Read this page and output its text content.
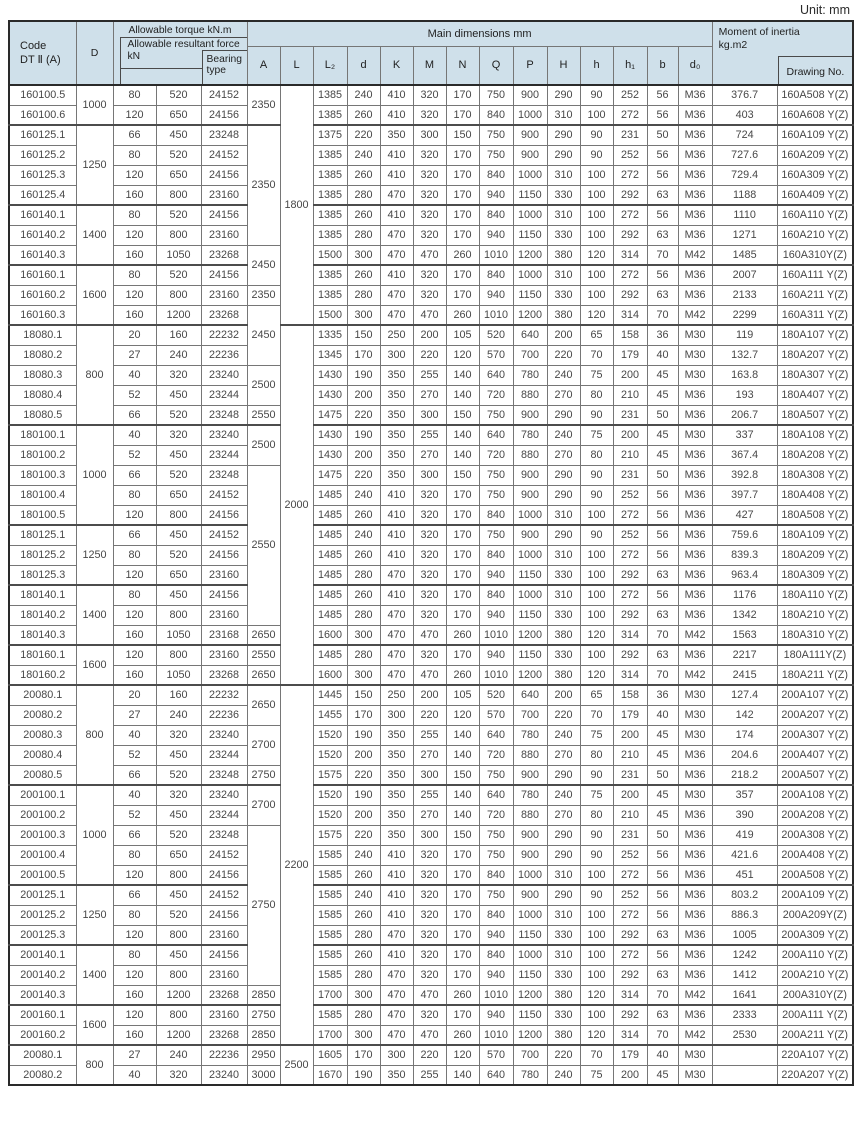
Unit: mm
Code
DT Ⅱ (A)
	D	
Allowable torque kN.m
Allowable resultant force kN	Bearing type
	Main dimensions mm	Moment of inertia kg.m2
Drawing No.

					A	L	L₂	d	K	M	N	Q	P	H	h	h₁	b	d₀		
160100.5	1000	80	520	24152	2350	1800	1385	240	410	320	170	750	900	290	90	252	56	M36	376.7	160A508 Y(Z)
160100.6		120	650	24156			1385	260	410	320	170	840	1000	310	100	272	56	M36	403	160A608 Y(Z)
160125.1	1250	66	450	23248	2350		1375	220	350	300	150	750	900	290	90	231	50	M36	724	160A109 Y(Z)
160125.2		80	520	24152			1385	240	410	320	170	750	900	290	90	252	56	M36	727.6	160A209 Y(Z)
160125.3		120	650	24156			1385	260	410	320	170	840	1000	310	100	272	56	M36	729.4	160A309 Y(Z)
160125.4		160	800	23160			1385	280	470	320	170	940	1150	330	100	292	63	M36	1188	160A409 Y(Z)
160140.1	1400	80	520	24156			1385	260	410	320	170	840	1000	310	100	272	56	M36	1110	160A110 Y(Z)
160140.2		120	800	23160			1385	280	470	320	170	940	1150	330	100	292	63	M36	1271	160A210 Y(Z)
160140.3		160	1050	23268	2450		1500	300	470	470	260	1010	1200	380	120	314	70	M42	1485	160A310Y(Z)
160160.1	1600	80	520	24156			1385	260	410	320	170	840	1000	310	100	272	56	M36	2007	160A111 Y(Z)
160160.2		120	800	23160	2350		1385	280	470	320	170	940	1150	330	100	292	63	M36	2133	160A211 Y(Z)
160160.3		160	1200	23268	2450		1500	300	470	470	260	1010	1200	380	120	314	70	M42	2299	160A311 Y(Z)
18080.1	800	20	160	22232		2000	1335	150	250	200	105	520	640	200	65	158	36	M30	119	180A107 Y(Z)
18080.2		27	240	22236			1345	170	300	220	120	570	700	220	70	179	40	M30	132.7	180A207 Y(Z)
18080.3		40	320	23240	2500		1430	190	350	255	140	640	780	240	75	200	45	M30	163.8	180A307 Y(Z)
18080.4		52	450	23244			1430	200	350	270	140	720	880	270	80	210	45	M36	193	180A407 Y(Z)
18080.5		66	520	23248	2550		1475	220	350	300	150	750	900	290	90	231	50	M36	206.7	180A507 Y(Z)
180100.1	1000	40	320	23240	2500		1430	190	350	255	140	640	780	240	75	200	45	M30	337	180A108 Y(Z)
180100.2		52	450	23244			1430	200	350	270	140	720	880	270	80	210	45	M36	367.4	180A208 Y(Z)
180100.3		66	520	23248	2550		1475	220	350	300	150	750	900	290	90	231	50	M36	392.8	180A308 Y(Z)
180100.4		80	650	24152			1485	240	410	320	170	750	900	290	90	252	56	M36	397.7	180A408 Y(Z)
180100.5		120	800	24156			1485	260	410	320	170	840	1000	310	100	272	56	M36	427	180A508 Y(Z)
180125.1	1250	66	450	24152			1485	240	410	320	170	750	900	290	90	252	56	M36	759.6	180A109 Y(Z)
180125.2		80	520	24156			1485	260	410	320	170	840	1000	310	100	272	56	M36	839.3	180A209 Y(Z)
180125.3		120	650	23160			1485	280	470	320	170	940	1150	330	100	292	63	M36	963.4	180A309 Y(Z)
180140.1	1400	80	450	24156			1485	260	410	320	170	840	1000	310	100	272	56	M36	1176	180A110 Y(Z)
180140.2		120	800	23160			1485	280	470	320	170	940	1150	330	100	292	63	M36	1342	180A210 Y(Z)
180140.3		160	1050	23168	2650		1600	300	470	470	260	1010	1200	380	120	314	70	M42	1563	180A310 Y(Z)
180160.1	1600	120	800	23160	2550		1485	280	470	320	170	940	1150	330	100	292	63	M36	2217	180A111Y(Z)
180160.2		160	1050	23268	2650		1600	300	470	470	260	1010	1200	380	120	314	70	M42	2415	180A211 Y(Z)
20080.1	800	20	160	22232	2650	2200	1445	150	250	200	105	520	640	200	65	158	36	M30	127.4	200A107 Y(Z)
20080.2		27	240	22236			1455	170	300	220	120	570	700	220	70	179	40	M30	142	200A207 Y(Z)
20080.3		40	320	23240	2700		1520	190	350	255	140	640	780	240	75	200	45	M30	174	200A307 Y(Z)
20080.4		52	450	23244			1520	200	350	270	140	720	880	270	80	210	45	M36	204.6	200A407 Y(Z)
20080.5		66	520	23248	2750		1575	220	350	300	150	750	900	290	90	231	50	M36	218.2	200A507 Y(Z)
200100.1	1000	40	320	23240	2700		1520	190	350	255	140	640	780	240	75	200	45	M30	357	200A108 Y(Z)
200100.2		52	450	23244			1520	200	350	270	140	720	880	270	80	210	45	M36	390	200A208 Y(Z)
200100.3		66	520	23248	2750		1575	220	350	300	150	750	900	290	90	231	50	M36	419	200A308 Y(Z)
200100.4		80	650	24152			1585	240	410	320	170	750	900	290	90	252	56	M36	421.6	200A408 Y(Z)
200100.5		120	800	24156			1585	260	410	320	170	840	1000	310	100	272	56	M36	451	200A508 Y(Z)
200125.1	1250	66	450	24152			1585	240	410	320	170	750	900	290	90	252	56	M36	803.2	200A109 Y(Z)
200125.2		80	520	24156			1585	260	410	320	170	840	1000	310	100	272	56	M36	886.3	200A209Y(Z)
200125.3		120	800	23160			1585	280	470	320	170	940	1150	330	100	292	63	M36	1005	200A309 Y(Z)
200140.1	1400	80	450	24156			1585	260	410	320	170	840	1000	310	100	272	56	M36	1242	200A110 Y(Z)
200140.2		120	800	23160			1585	280	470	320	170	940	1150	330	100	292	63	M36	1412	200A210 Y(Z)
200140.3		160	1200	23268	2850		1700	300	470	470	260	1010	1200	380	120	314	70	M42	1641	200A310Y(Z)
200160.1	1600	120	800	23160	2750		1585	280	470	320	170	940	1150	330	100	292	63	M36	2333	200A111 Y(Z)
200160.2		160	1200	23268	2850		1700	300	470	470	260	1010	1200	380	120	314	70	M42	2530	200A211 Y(Z)
20080.1	800	27	240	22236	2950	2500	1605	170	300	220	120	570	700	220	70	179	40	M30		220A107 Y(Z)
20080.2		40	320	23240	3000		1670	190	350	255	140	640	780	240	75	200	45	M30		220A207 Y(Z)
